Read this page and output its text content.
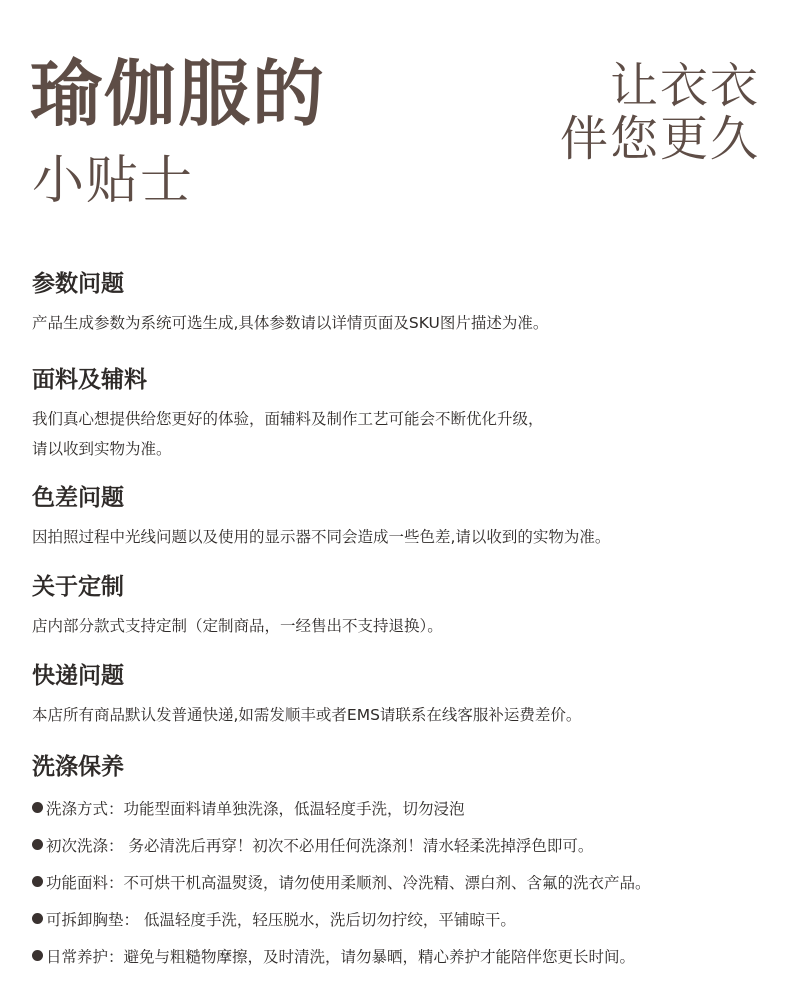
瑜伽服的
小贴士
让衣衣
伴您更久
参数问题
产品生成参数为系统可选生成,具体参数请以详情页面及SKU图片描述为准。
面料及辅料
我们真心想提供给您更好的体验，面辅料及制作工艺可能会不断优化升级，
请以收到实物为准。
色差问题
因拍照过程中光线问题以及使用的显示器不同会造成一些色差,请以收到的实物为准。
关于定制
店内部分款式支持定制（定制商品，一经售出不支持退换）。
快递问题
本店所有商品默认发普通快递,如需发顺丰或者EMS请联系在线客服补运费差价。
洗涤保养
洗涤方式：功能型面料请单独洗涤，低温轻度手洗，切勿浸泡
初次洗涤： 务必清洗后再穿！初次不必用任何洗涤剂！清水轻柔洗掉浮色即可。
功能面料：不可烘干机高温熨烫，请勿使用柔顺剂、冷洗精、漂白剂、含氟的洗衣产品。
可拆卸胸垫： 低温轻度手洗，轻压脱水，洗后切勿拧绞，平铺晾干。
日常养护：避免与粗糙物摩擦，及时清洗，请勿暴晒，精心养护才能陪伴您更长时间。
